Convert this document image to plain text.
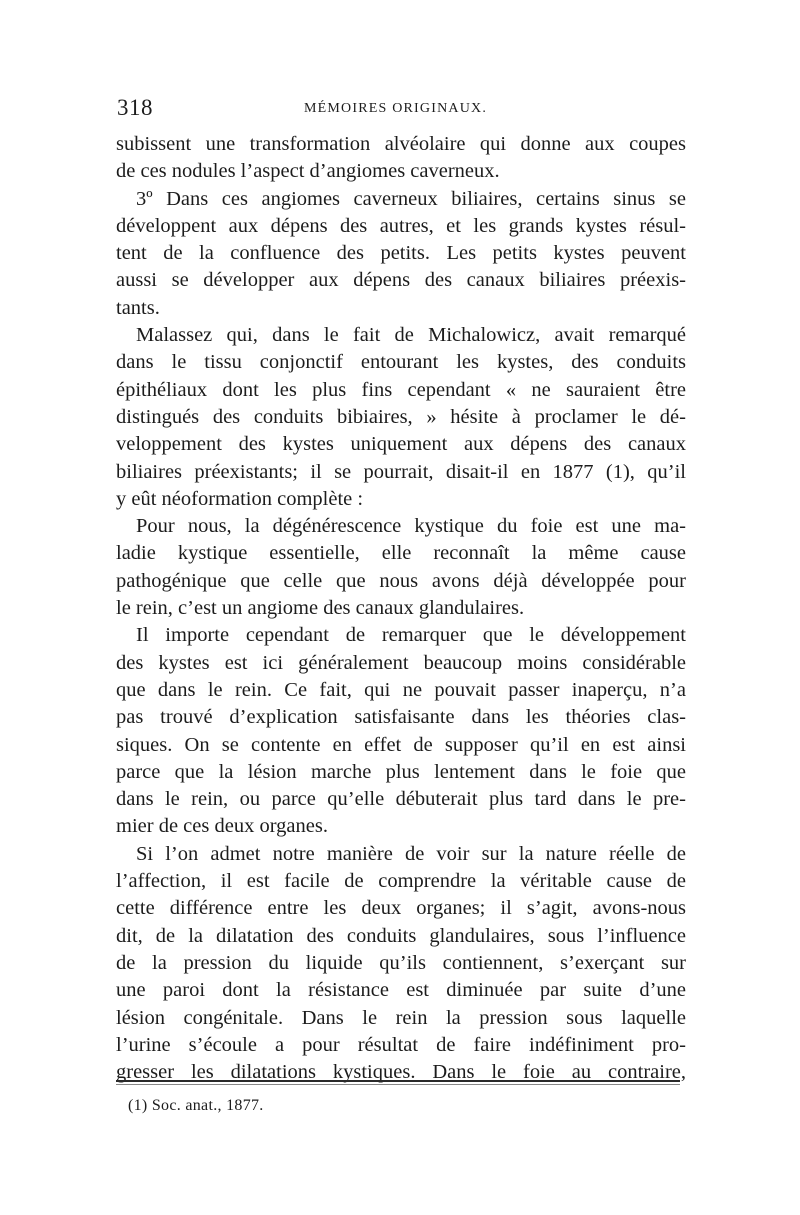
318	MÉMOIRES ORIGINAUX.
subissent une transformation alvéolaire qui donne aux coupes
de ces nodules l’aspect d’angiomes caverneux.
3º Dans ces angiomes caverneux biliaires, certains sinus se
développent aux dépens des autres, et les grands kystes résul-
tent de la confluence des petits. Les petits kystes peuvent
aussi se développer aux dépens des canaux biliaires préexis-
tants.
Malassez qui, dans le fait de Michalowicz, avait remarqué
dans le tissu conjonctif entourant les kystes, des conduits
épithéliaux dont les plus fins cependant « ne sauraient être
distingués des conduits bibiaires, » hésite à proclamer le dé-
veloppement des kystes uniquement aux dépens des canaux
biliaires préexistants; il se pourrait, disait-il en 1877 (1), qu’il
y eût néoformation complète :
Pour nous, la dégénérescence kystique du foie est une ma-
ladie kystique essentielle, elle reconnaît la même cause
pathogénique que celle que nous avons déjà développée pour
le rein, c’est un angiome des canaux glandulaires.
Il importe cependant de remarquer que le développement
des kystes est ici généralement beaucoup moins considérable
que dans le rein. Ce fait, qui ne pouvait passer inaperçu, n’a
pas trouvé d’explication satisfaisante dans les théories clas-
siques. On se contente en effet de supposer qu’il en est ainsi
parce que la lésion marche plus lentement dans le foie que
dans le rein, ou parce qu’elle débuterait plus tard dans le pre-
mier de ces deux organes.
Si l’on admet notre manière de voir sur la nature réelle de
l’affection, il est facile de comprendre la véritable cause de
cette différence entre les deux organes; il s’agit, avons-nous
dit, de la dilatation des conduits glandulaires, sous l’influence
de la pression du liquide qu’ils contiennent, s’exerçant sur
une paroi dont la résistance est diminuée par suite d’une
lésion congénitale. Dans le rein la pression sous laquelle
l’urine s’écoule a pour résultat de faire indéfiniment pro-
gresser les dilatations kystiques. Dans le foie au contraire,
(1) Soc. anat., 1877.
